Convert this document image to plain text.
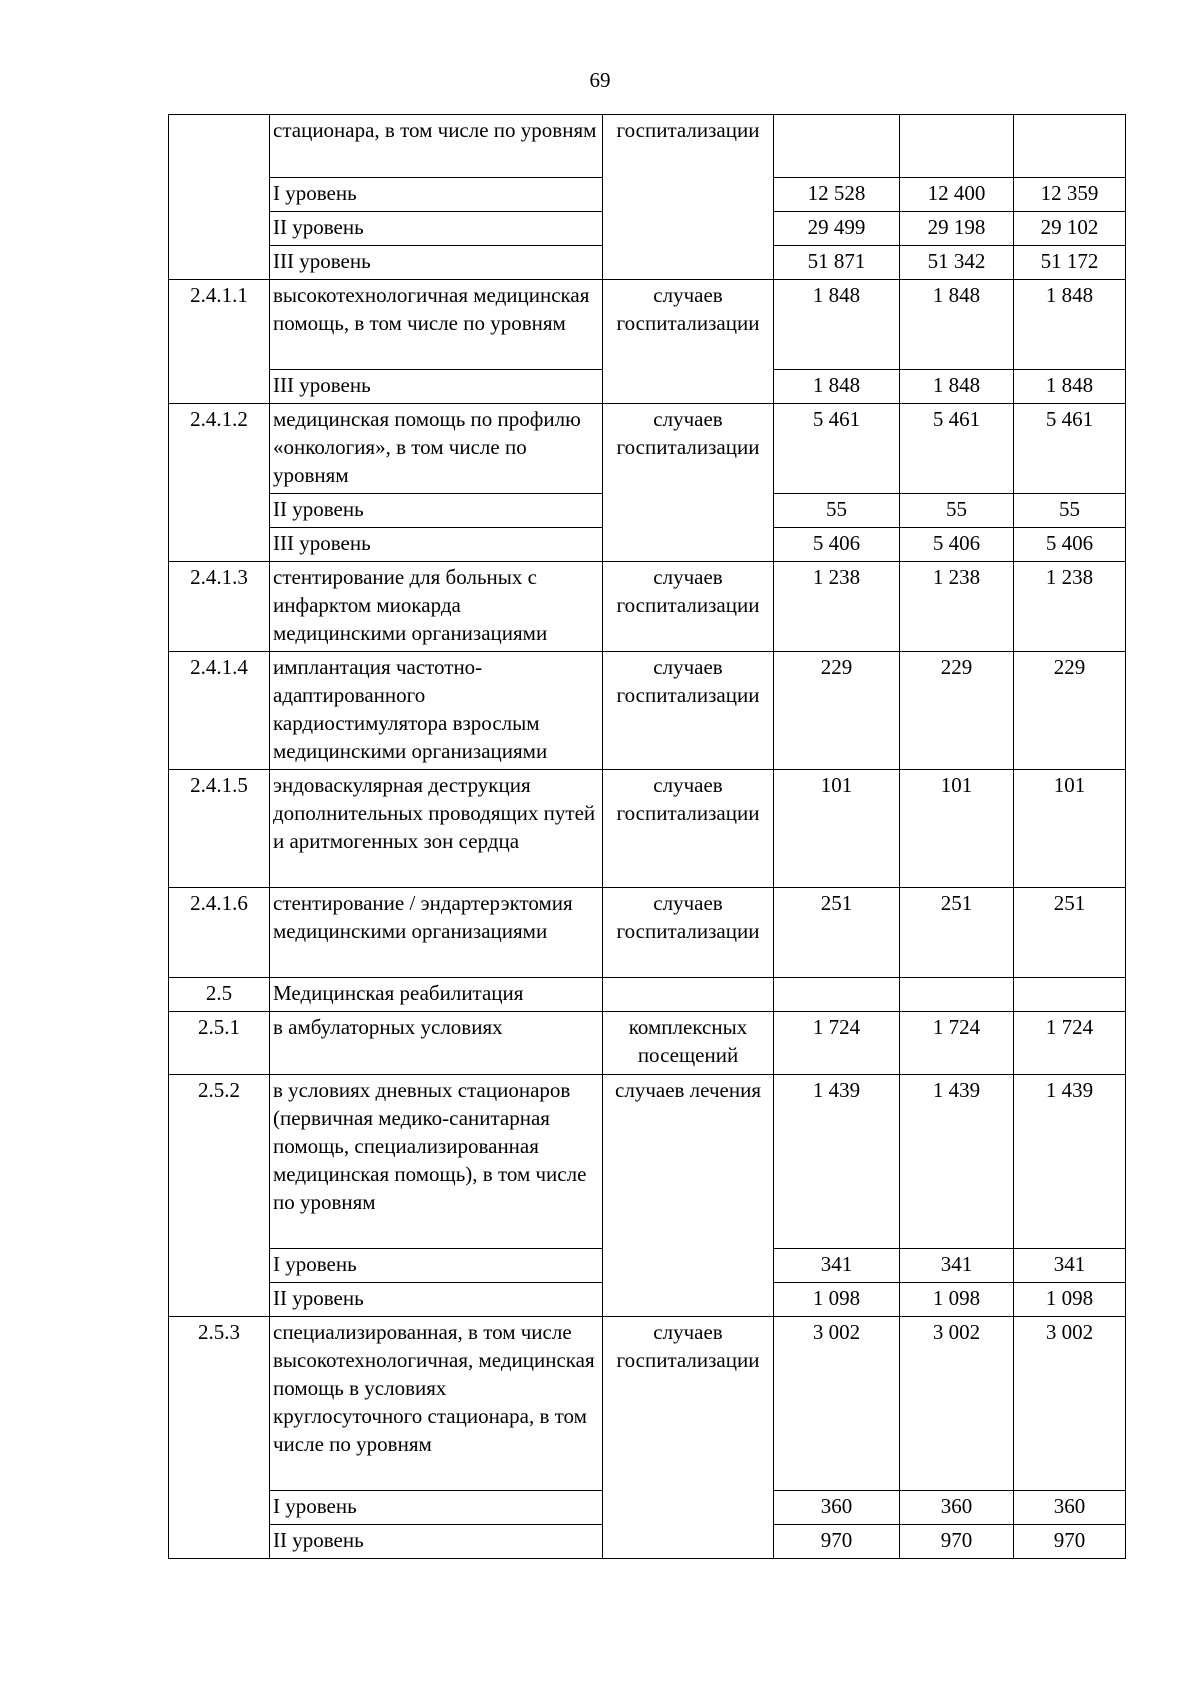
69
	стационара, в том числе по уровням	госпитализации			
	I уровень		12 528	12 400	12 359
	II уровень		29 499	29 198	29 102
	III уровень		51 871	51 342	51 172
2.4.1.1	высокотехнологичная медицинская помощь, в том числе по уровням	случаев госпитализации	1 848	1 848	1 848
	III уровень		1 848	1 848	1 848
2.4.1.2	медицинская помощь по профилю «онкология», в том числе по уровням	случаев госпитализации	5 461	5 461	5 461
	II уровень		55	55	55
	III уровень		5 406	5 406	5 406
2.4.1.3	стентирование для больных с инфарктом миокарда медицинскими организациями	случаев госпитализации	1 238	1 238	1 238
2.4.1.4	имплантация частотно-адаптированного кардиостимулятора взрослым медицинскими организациями	случаев госпитализации	229	229	229
2.4.1.5	эндоваскулярная деструкция дополнительных проводящих путей и аритмогенных зон сердца	случаев госпитализации	101	101	101
2.4.1.6	стентирование / эндартерэктомия медицинскими организациями	случаев госпитализации	251	251	251
2.5	Медицинская реабилитация				
2.5.1	в амбулаторных условиях	комплексных посещений	1 724	1 724	1 724
2.5.2	в условиях дневных стационаров (первичная медико-санитарная помощь, специализированная медицинская помощь), в том числе по уровням	случаев лечения	1 439	1 439	1 439
	I уровень		341	341	341
	II уровень		1 098	1 098	1 098
2.5.3	специализированная, в том числе высокотехнологичная, медицинская помощь в условиях круглосуточного стационара, в том числе по уровням	случаев госпитализации	3 002	3 002	3 002
	I уровень		360	360	360
	II уровень		970	970	970
